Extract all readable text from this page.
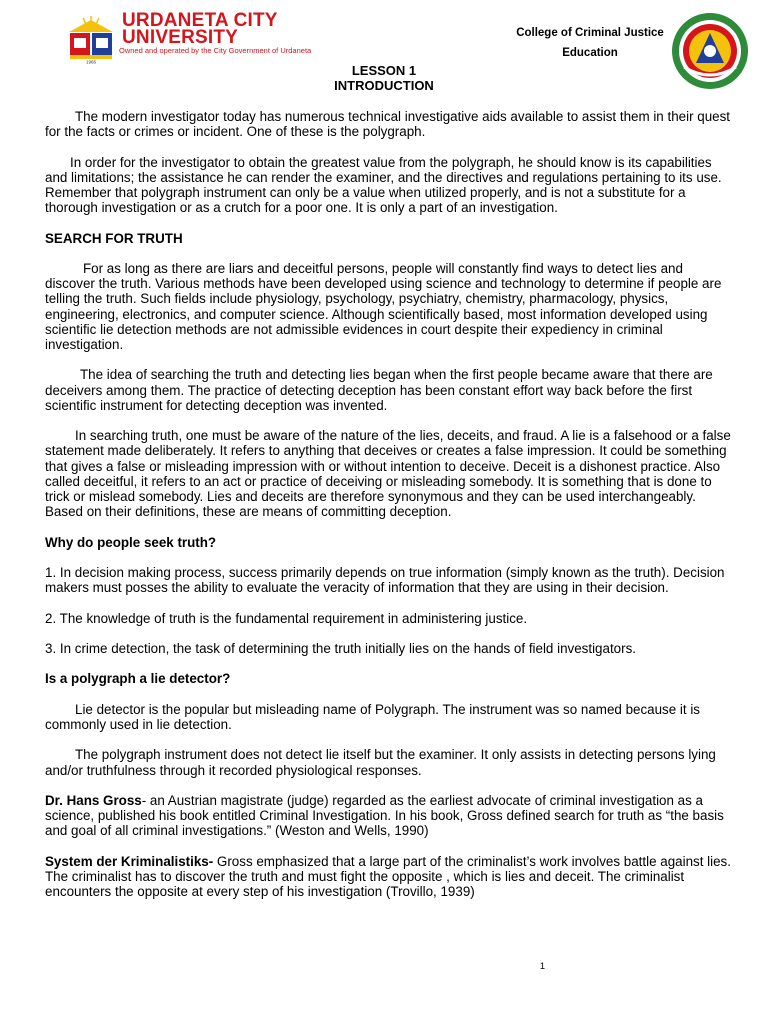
1966
URDANETA CITY
UNIVERSITY
Owned and operated by the City Government of Urdaneta
College of Criminal Justice
Education
LESSON 1
INTRODUCTION

The modern investigator today has numerous technical investigative aids available to assist them in their quest for the facts or crimes or incident. One of these is the polygraph.

In order for the investigator to obtain the greatest value from the polygraph, he should know is its capabilities and limitations; the assistance he can render the examiner, and the directives and regulations pertaining to its use. Remember that polygraph instrument can only be a value when utilized properly, and is not a substitute for a thorough investigation or as a crutch for a poor one. It is only a part of an investigation.

SEARCH FOR TRUTH

For as long as there are liars and deceitful persons, people will constantly find ways to detect lies and discover the truth. Various methods have been developed using science and technology to determine if people are telling the truth. Such fields include physiology, psychology, psychiatry, chemistry, pharmacology, physics, engineering, electronics, and computer science. Although scientifically based, most information developed using scientific lie detection methods are not admissible evidences in court despite their expediency in criminal investigation.

The idea of searching the truth and detecting lies began when the first people became aware that there are deceivers among them. The practice of detecting deception has been constant effort way back before the first scientific instrument for detecting deception was invented.

In searching truth, one must be aware of the nature of the lies, deceits, and fraud. A lie is a falsehood or a false statement made deliberately. It refers to anything that deceives or creates a false impression. It could be something that gives a false or misleading impression with or without intention to deceive. Deceit is a dishonest practice. Also called deceitful, it refers to an act or practice of deceiving or misleading somebody. It is something that is done to trick or mislead somebody. Lies and deceits are therefore synonymous and they can be used interchangeably. Based on their definitions, these are means of committing deception.

Why do people seek truth?

1. In decision making process, success primarily depends on true information (simply known as the truth). Decision makers must posses the ability to evaluate the veracity of information that they are using in their decision.

2. The knowledge of truth is the fundamental requirement in administering justice.

3. In crime detection, the task of determining the truth initially lies on the hands of field investigators.

Is a polygraph a lie detector?

Lie detector is the popular but misleading name of Polygraph. The instrument was so named because it is commonly used in lie detection.

The polygraph instrument does not detect lie itself but the examiner. It only assists in detecting persons lying and/or truthfulness through it recorded physiological responses.

Dr. Hans Gross- an Austrian magistrate (judge) regarded as the earliest advocate of criminal investigation as a science, published his book entitled Criminal Investigation. In his book, Gross defined search for truth as “the basis and goal of all criminal investigations.” (Weston and Wells, 1990)

System der Kriminalistiks- Gross emphasized that a large part of the criminalist’s work involves battle against lies. The criminalist has to discover the truth and must fight the opposite , which is lies and deceit. The criminalist encounters the opposite at every step of his investigation (Trovillo, 1939)

1
